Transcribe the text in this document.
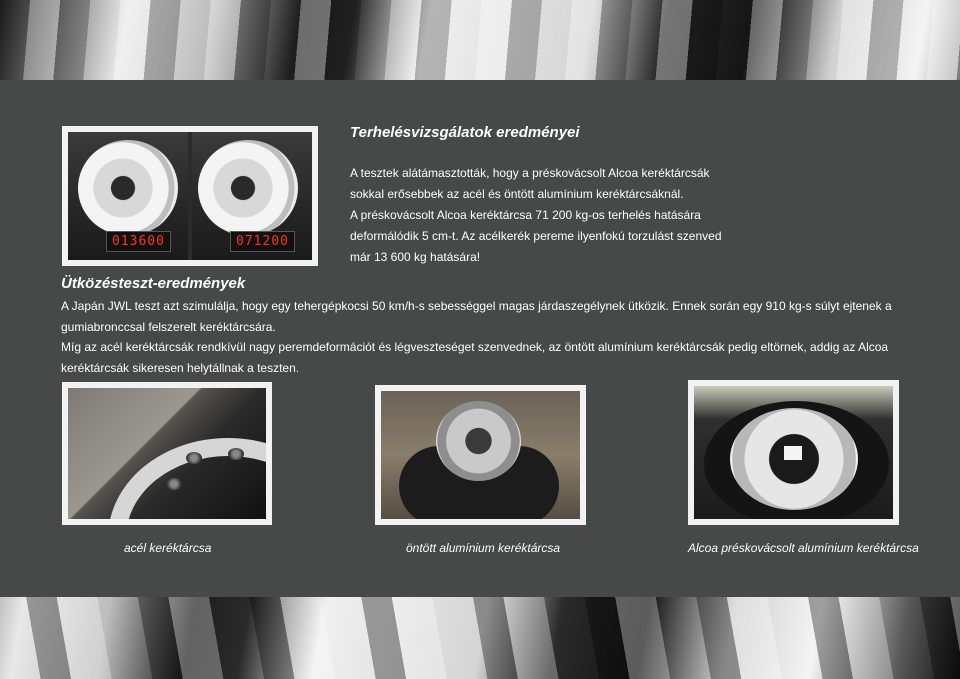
013600	071200
Terhelésvizsgálatok eredményei

A tesztek alátámasztották, hogy a préskovácsolt Alcoa keréktárcsák
sokkal erősebbek az acél és öntött alumínium keréktárcsáknál.
A préskovácsolt Alcoa keréktárcsa 71 200 kg-os terhelés hatására
deformálódik 5 cm-t. Az acélkerék pereme ilyenfokú torzulást szenved
már 13 600 kg hatására!

Ütközésteszt-eredmények

A Japán JWL teszt azt szimulálja, hogy egy tehergépkocsi 50 km/h-s sebességgel magas járdaszegélynek ütközik. Ennek során egy 910 kg-s súlyt ejtenek a
gumiabronccsal felszerelt keréktárcsára.
Míg az acél keréktárcsák rendkívül nagy peremdeformációt és légveszteséget szenvednek, az öntött alumínium keréktárcsák pedig eltörnek, addig az Alcoa
keréktárcsák sikeresen helytállnak a teszten.

acél keréktárcsa	öntött alumínium keréktárcsa	Alcoa préskovácsolt alumínium keréktárcsa
